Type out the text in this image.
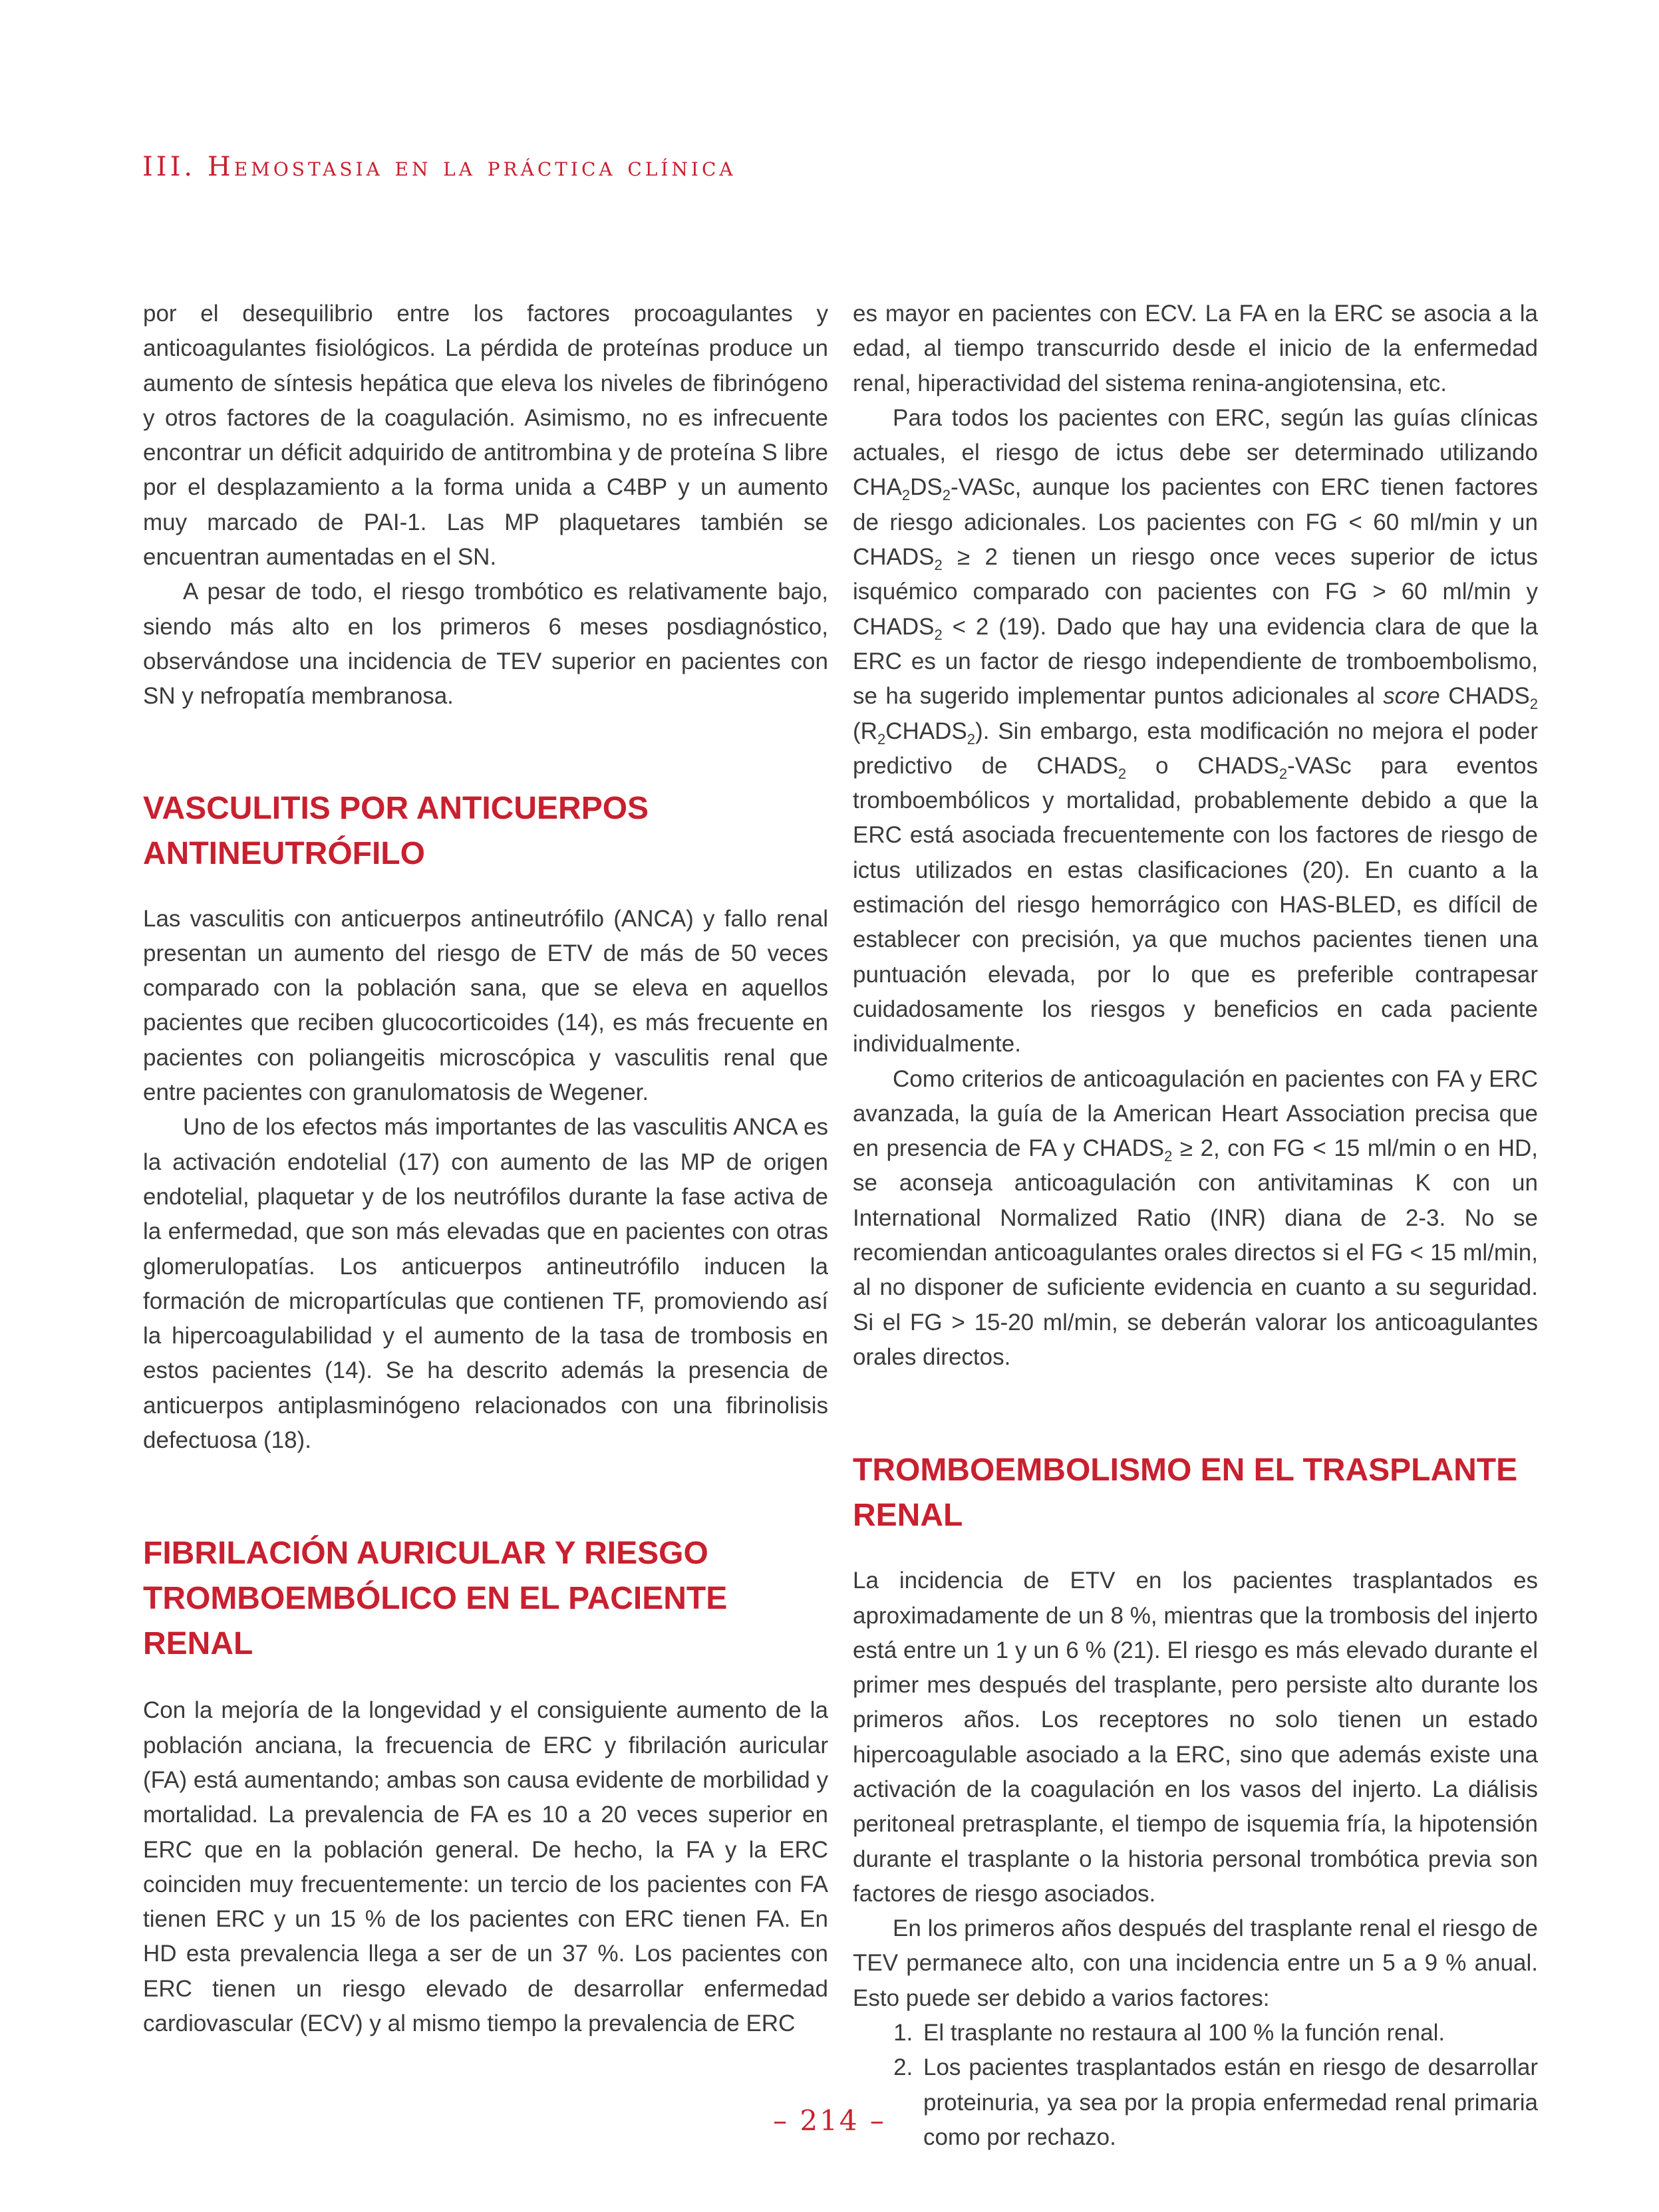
III. Hemostasia en la práctica clínica

por el desequilibrio entre los factores procoagulantes y anticoagulantes fisiológicos. La pérdida de proteínas produce un aumento de síntesis hepática que eleva los niveles de fibrinógeno y otros factores de la coagulación. Asimismo, no es infrecuente encontrar un déficit adquirido de antitrombina y de proteína S libre por el desplazamiento a la forma unida a C4BP y un aumento muy marcado de PAI-1. Las MP plaquetares también se encuentran aumentadas en el SN.

A pesar de todo, el riesgo trombótico es relativamente bajo, siendo más alto en los primeros 6 meses posdiagnóstico, observándose una incidencia de TEV superior en pacientes con SN y nefropatía membranosa.

VASCULITIS POR ANTICUERPOS ANTINEUTRÓFILO

Las vasculitis con anticuerpos antineutrófilo (ANCA) y fallo renal presentan un aumento del riesgo de ETV de más de 50 veces comparado con la población sana, que se eleva en aquellos pacientes que reciben glucocorticoides (14), es más frecuente en pacientes con poliangeitis microscópica y vasculitis renal que entre pacientes con granulomatosis de Wegener.

Uno de los efectos más importantes de las vasculitis ANCA es la activación endotelial (17) con aumento de las MP de origen endotelial, plaquetar y de los neutrófilos durante la fase activa de la enfermedad, que son más elevadas que en pacientes con otras glomerulopatías. Los anticuerpos antineutrófilo inducen la formación de micropartículas que contienen TF, promoviendo así la hipercoagulabilidad y el aumento de la tasa de trombosis en estos pacientes (14). Se ha descrito además la presencia de anticuerpos antiplasminógeno relacionados con una fibrinolisis defectuosa (18).

FIBRILACIÓN AURICULAR Y RIESGO TROMBOEMBÓLICO EN EL PACIENTE RENAL

Con la mejoría de la longevidad y el consiguiente aumento de la población anciana, la frecuencia de ERC y fibrilación auricular (FA) está aumentando; ambas son causa evidente de morbilidad y mortalidad. La prevalencia de FA es 10 a 20 veces superior en ERC que en la población general. De hecho, la FA y la ERC coinciden muy frecuentemente: un tercio de los pacientes con FA tienen ERC y un 15 % de los pacientes con ERC tienen FA. En HD esta prevalencia llega a ser de un 37 %. Los pacientes con ERC tienen un riesgo elevado de desarrollar enfermedad cardiovascular (ECV) y al mismo tiempo la prevalencia de ERC

es mayor en pacientes con ECV. La FA en la ERC se asocia a la edad, al tiempo transcurrido desde el inicio de la enfermedad renal, hiperactividad del sistema renina-angiotensina, etc.

Para todos los pacientes con ERC, según las guías clínicas actuales, el riesgo de ictus debe ser determinado utilizando $CHA_2DS_2$-VASc, aunque los pacientes con ERC tienen factores de riesgo adicionales. Los pacientes con FG < 60 ml/min y un $CHADS_2 \ge 2$ tienen un riesgo once veces superior de ictus isquémico comparado con pacientes con FG > 60 ml/min y $CHADS_2 < 2$ (19). Dado que hay una evidencia clara de que la ERC es un factor de riesgo independiente de tromboembolismo, se ha sugerido implementar puntos adicionales al score $CHADS_2$ $(R_2CHADS_2)$. Sin embargo, esta modificación no mejora el poder predictivo de $CHADS_2$ o $CHADS_2$-VASc para eventos tromboembólicos y mortalidad, probablemente debido a que la ERC está asociada frecuentemente con los factores de riesgo de ictus utilizados en estas clasificaciones (20). En cuanto a la estimación del riesgo hemorrágico con HAS-BLED, es difícil de establecer con precisión, ya que muchos pacientes tienen una puntuación elevada, por lo que es preferible contrapesar cuidadosamente los riesgos y beneficios en cada paciente individualmente.

Como criterios de anticoagulación en pacientes con FA y ERC avanzada, la guía de la American Heart Association precisa que en presencia de FA y $CHADS_2 \ge 2$, con FG < 15 ml/min o en HD, se aconseja anticoagulación con antivitaminas K con un International Normalized Ratio (INR) diana de 2-3. No se recomiendan anticoagulantes orales directos si el FG < 15 ml/min, al no disponer de suficiente evidencia en cuanto a su seguridad. Si el FG > 15-20 ml/min, se deberán valorar los anticoagulantes orales directos.

TROMBOEMBOLISMO EN EL TRASPLANTE RENAL

La incidencia de ETV en los pacientes trasplantados es aproximadamente de un 8 %, mientras que la trombosis del injerto está entre un 1 y un 6 % (21). El riesgo es más elevado durante el primer mes después del trasplante, pero persiste alto durante los primeros años. Los receptores no solo tienen un estado hipercoagulable asociado a la ERC, sino que además existe una activación de la coagulación en los vasos del injerto. La diálisis peritoneal pretrasplante, el tiempo de isquemia fría, la hipotensión durante el trasplante o la historia personal trombótica previa son factores de riesgo asociados.

En los primeros años después del trasplante renal el riesgo de TEV permanece alto, con una incidencia entre un 5 a 9 % anual. Esto puede ser debido a varios factores:

1. El trasplante no restaura al 100 % la función renal.
2. Los pacientes trasplantados están en riesgo de desarrollar proteinuria, ya sea por la propia enfermedad renal primaria como por rechazo.
– 214 –
